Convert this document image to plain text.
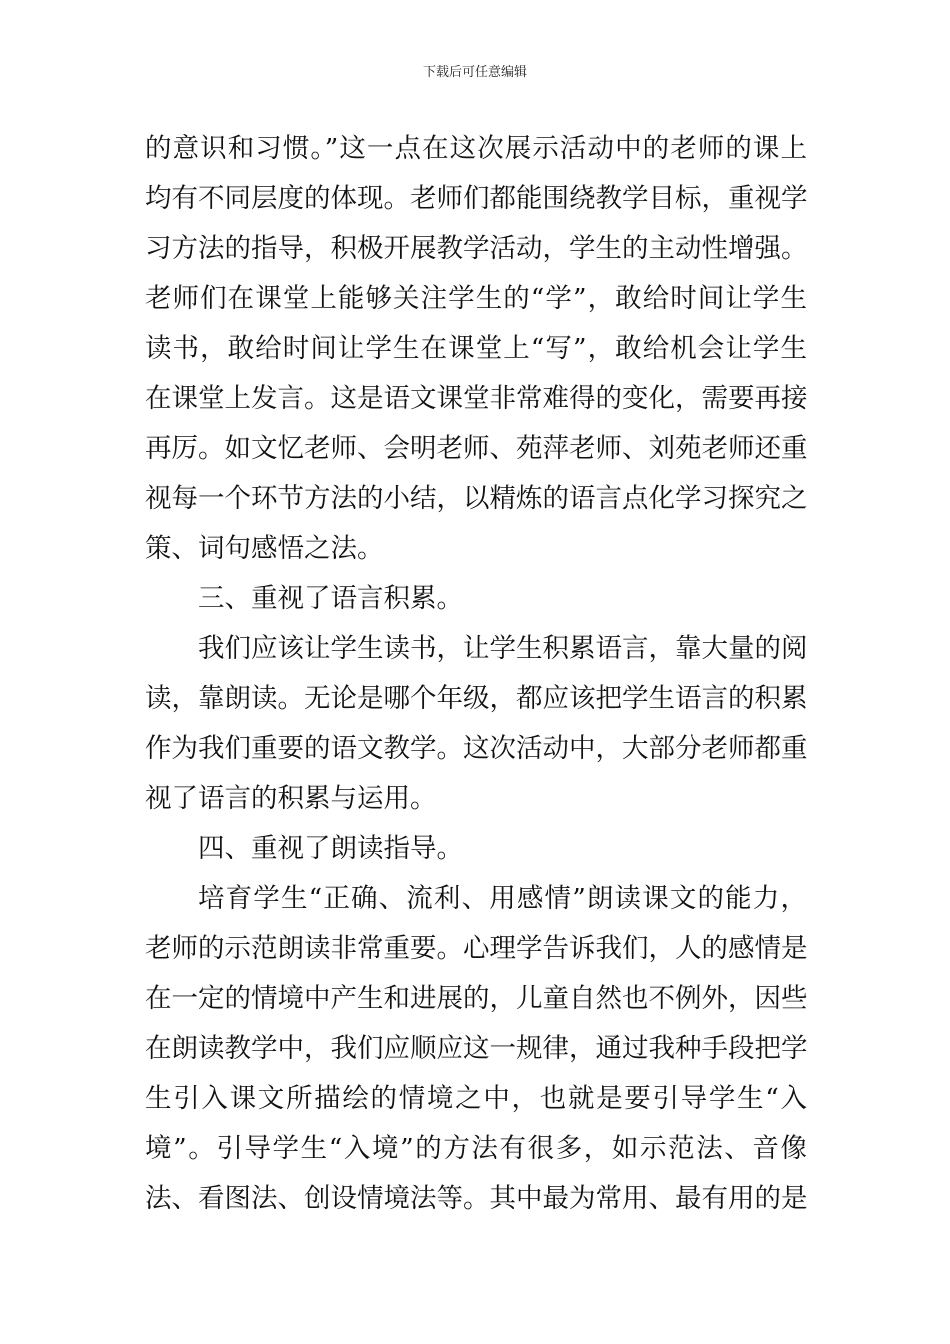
下载后可任意编辑
的意识和习惯。”这一点在这次展示活动中的老师的课上
均有不同层度的体现。老师们都能围绕教学目标，重视学
习方法的指导，积极开展教学活动，学生的主动性增强。
老师们在课堂上能够关注学生的“学”，敢给时间让学生
读书，敢给时间让学生在课堂上“写”，敢给机会让学生
在课堂上发言。这是语文课堂非常难得的变化，需要再接
再厉。如文忆老师、会明老师、苑萍老师、刘苑老师还重
视每一个环节方法的小结，以精炼的语言点化学习探究之
策、词句感悟之法。
三、重视了语言积累。
我们应该让学生读书，让学生积累语言，靠大量的阅
读，靠朗读。无论是哪个年级，都应该把学生语言的积累
作为我们重要的语文教学。这次活动中，大部分老师都重
视了语言的积累与运用。
四、重视了朗读指导。
培育学生“正确、流利、用感情”朗读课文的能力，
老师的示范朗读非常重要。心理学告诉我们，人的感情是
在一定的情境中产生和进展的，儿童自然也不例外，因些
在朗读教学中，我们应顺应这一规律，通过我种手段把学
生引入课文所描绘的情境之中，也就是要引导学生“入
境”。引导学生“入境”的方法有很多，如示范法、音像
法、看图法、创设情境法等。其中最为常用、最有用的是
